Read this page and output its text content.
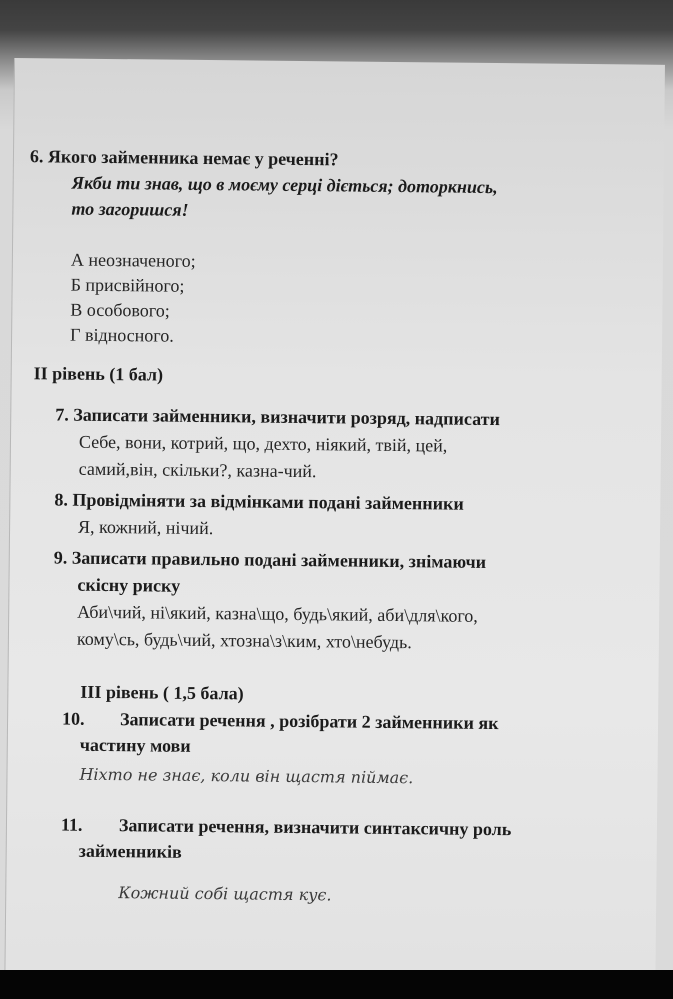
6. Якого займенника немає у реченні?
Якби ти знав, що в моєму серці діється; доторкнись,
то загоришся!
А неозначеного;
Б присвійного;
В особового;
Г відносного.
ІІ рівень (1 бал)
7. Записати займенники, визначити розряд, надписати
Себе, вони, котрий, що, дехто, ніякий, твій, цей,
самий,він, скільки?, казна-чий.
8. Провідміняти за відмінками подані займенники
Я, кожний, нічий.
9. Записати правильно подані займенники, знімаючи
скісну риску
Аби\чий, ні\який, казна\що, будь\який, аби\для\кого,
кому\сь, будь\чий, хтозна\з\ким, хто\небудь.
ІІІ рівень ( 1,5 бала)
10. Записати речення , розібрати 2 займенники як
частину мови
Ніхто не знає, коли він щастя піймає.
11. Записати речення, визначити синтаксичну роль
займенників
Кожний собі щастя кує.
